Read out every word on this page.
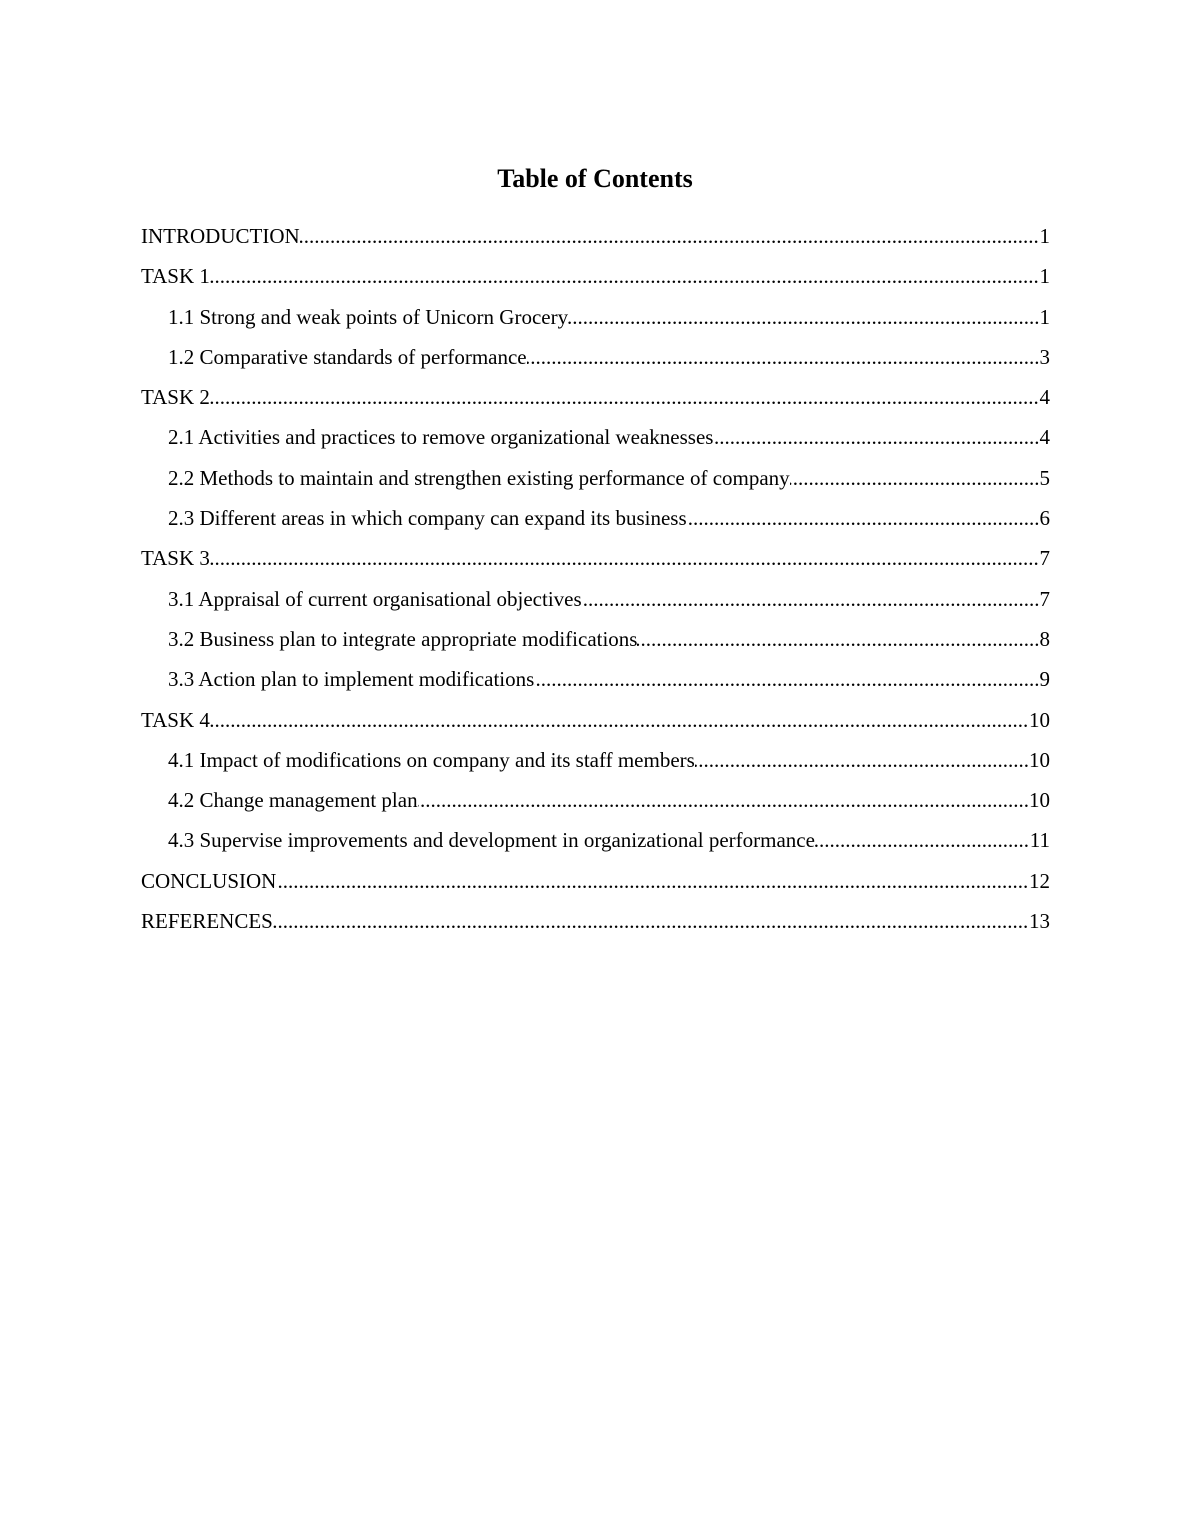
Table of Contents
.....
INTRODUCTION	1
.....
TASK 1	1
.....
1.1 Strong and weak points of Unicorn Grocery	1
.....
1.2 Comparative standards of performance	3
.....
TASK 2	4
.....
2.1 Activities and practices to remove organizational weaknesses	4
.....
2.2 Methods to maintain and strengthen existing performance of company	5
.....
2.3 Different areas in which company can expand its business	6
.....
TASK 3	7
.....
3.1 Appraisal of current organisational objectives	7
.....
3.2 Business plan to integrate appropriate modifications	8
.....
3.3 Action plan to implement modifications	9
.....
TASK 4	10
.....
4.1 Impact of modifications on company and its staff members	10
.....
4.2 Change management plan	10
.....
4.3 Supervise improvements and development in organizational performance	11
.....
CONCLUSION	12
.....
REFERENCES	13
